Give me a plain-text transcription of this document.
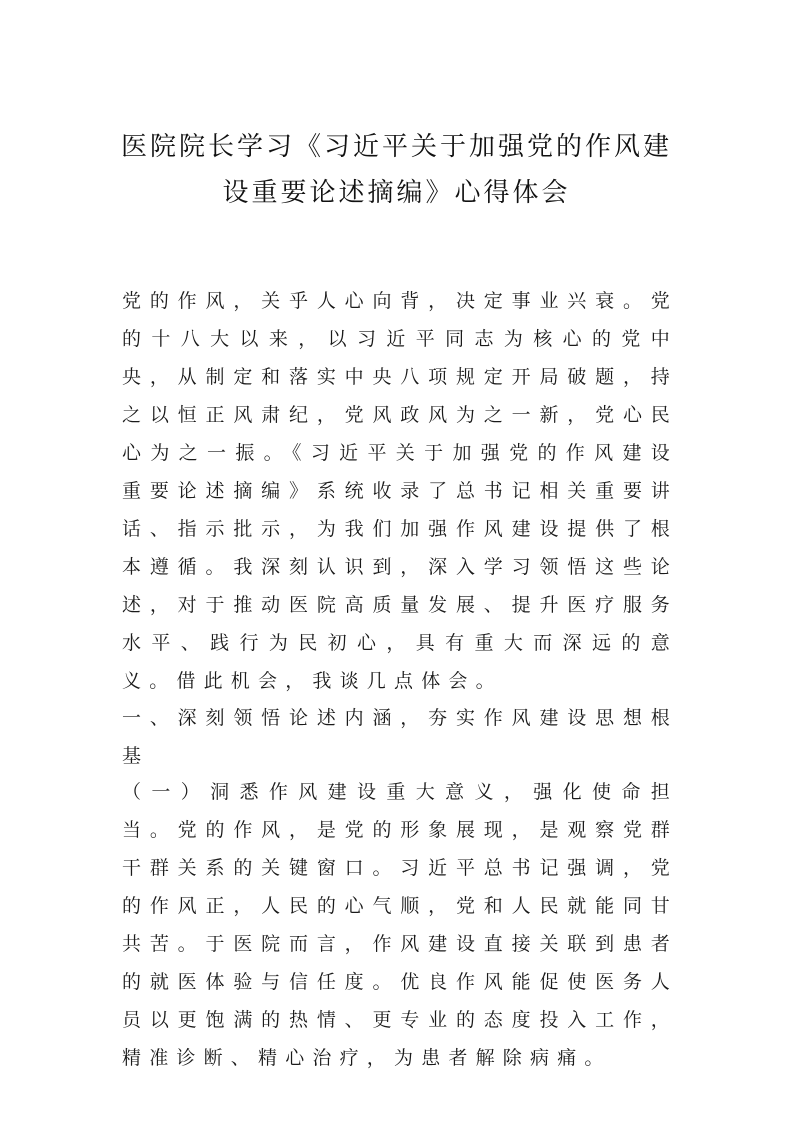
医院院长学习《习近平关于加强党的作风建
设重要论述摘编》心得体会

党的作风，关乎人心向背，决定事业兴衰。党的十八大以来，以习近平同志为核心的党中央，从制定和落实中央八项规定开局破题，持之以恒正风肃纪，党风政风为之一新，党心民心为之一振。《习近平关于加强党的作风建设重要论述摘编》系统收录了总书记相关重要讲话、指示批示，为我们加强作风建设提供了根本遵循。我深刻认识到，深入学习领悟这些论述，对于推动医院高质量发展、提升医疗服务水平、践行为民初心，具有重大而深远的意义。借此机会，我谈几点体会。

一、深刻领悟论述内涵，夯实作风建设思想根基

（一）洞悉作风建设重大意义，强化使命担当。党的作风，是党的形象展现，是观察党群干群关系的关键窗口。习近平总书记强调，党的作风正，人民的心气顺，党和人民就能同甘共苦。于医院而言，作风建设直接关联到患者的就医体验与信任度。优良作风能促使医务人员以更饱满的热情、更专业的态度投入工作，精准诊断、精心治疗，为患者解除病痛。
